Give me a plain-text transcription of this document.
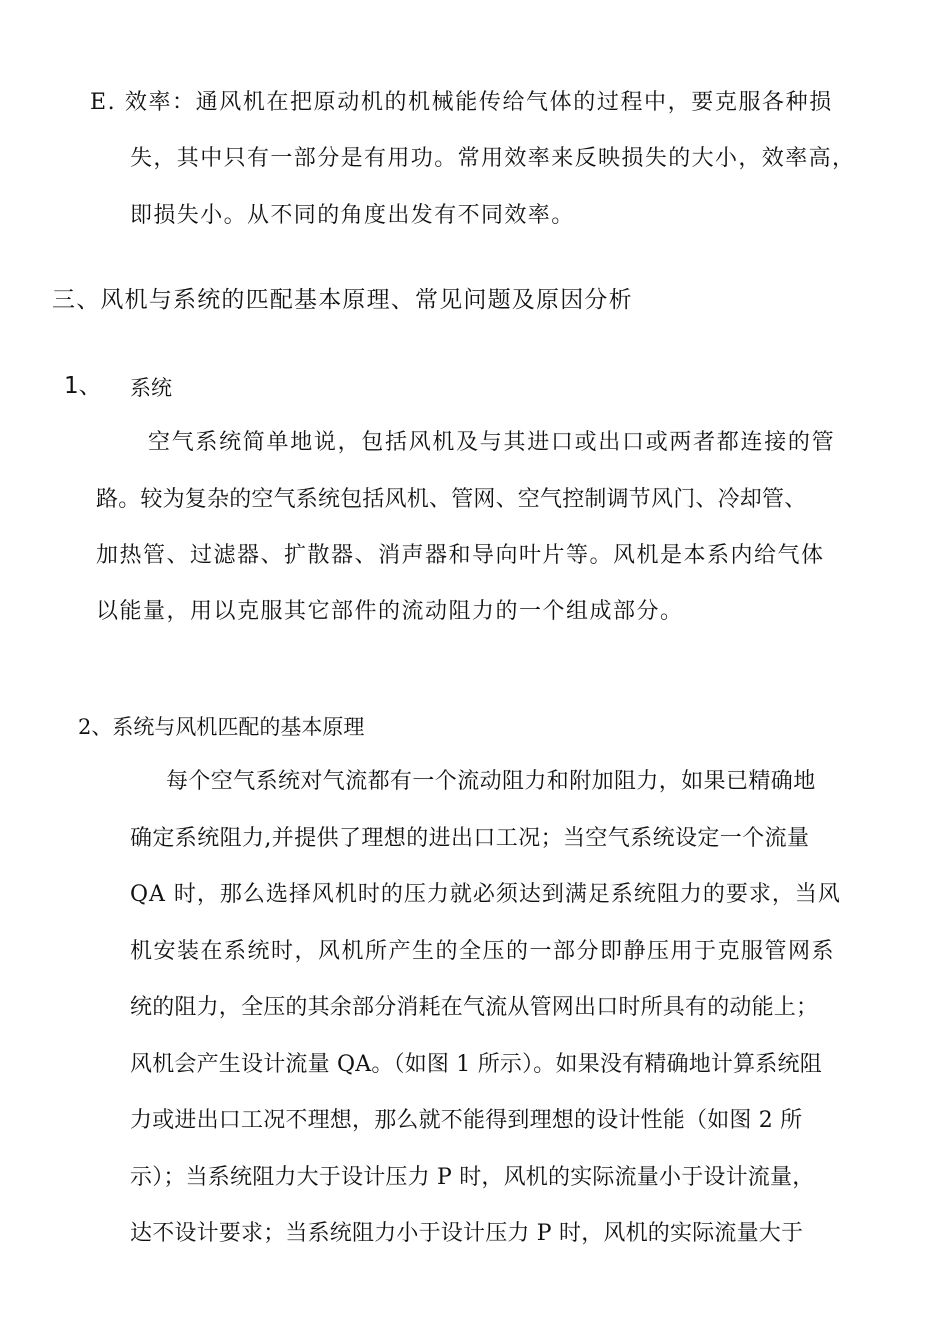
E. 效率：通风机在把原动机的机械能传给气体的过程中，要克服各种损
失，其中只有一部分是有用功。常用效率来反映损失的大小，效率高，
即损失小。从不同的角度出发有不同效率。
三、风机与系统的匹配基本原理、常见问题及原因分析
1、 系统
空气系统简单地说，包括风机及与其进口或出口或两者都连接的管
路。较为复杂的空气系统包括风机、管网、空气控制调节风门、冷却管、
加热管、过滤器、扩散器、消声器和导向叶片等。风机是本系内给气体
以能量，用以克服其它部件的流动阻力的一个组成部分。
2、系统与风机匹配的基本原理
每个空气系统对气流都有一个流动阻力和附加阻力，如果已精确地
确定系统阻力,并提供了理想的进出口工况；当空气系统设定一个流量
QA 时，那么选择风机时的压力就必须达到满足系统阻力的要求，当风
机安装在系统时，风机所产生的全压的一部分即静压用于克服管网系
统的阻力，全压的其余部分消耗在气流从管网出口时所具有的动能上；
风机会产生设计流量 QA。（如图 1 所示）。如果没有精确地计算系统阻
力或进出口工况不理想，那么就不能得到理想的设计性能（如图 2 所
示）；当系统阻力大于设计压力 P 时，风机的实际流量小于设计流量，
达不设计要求；当系统阻力小于设计压力 P 时，风机的实际流量大于
